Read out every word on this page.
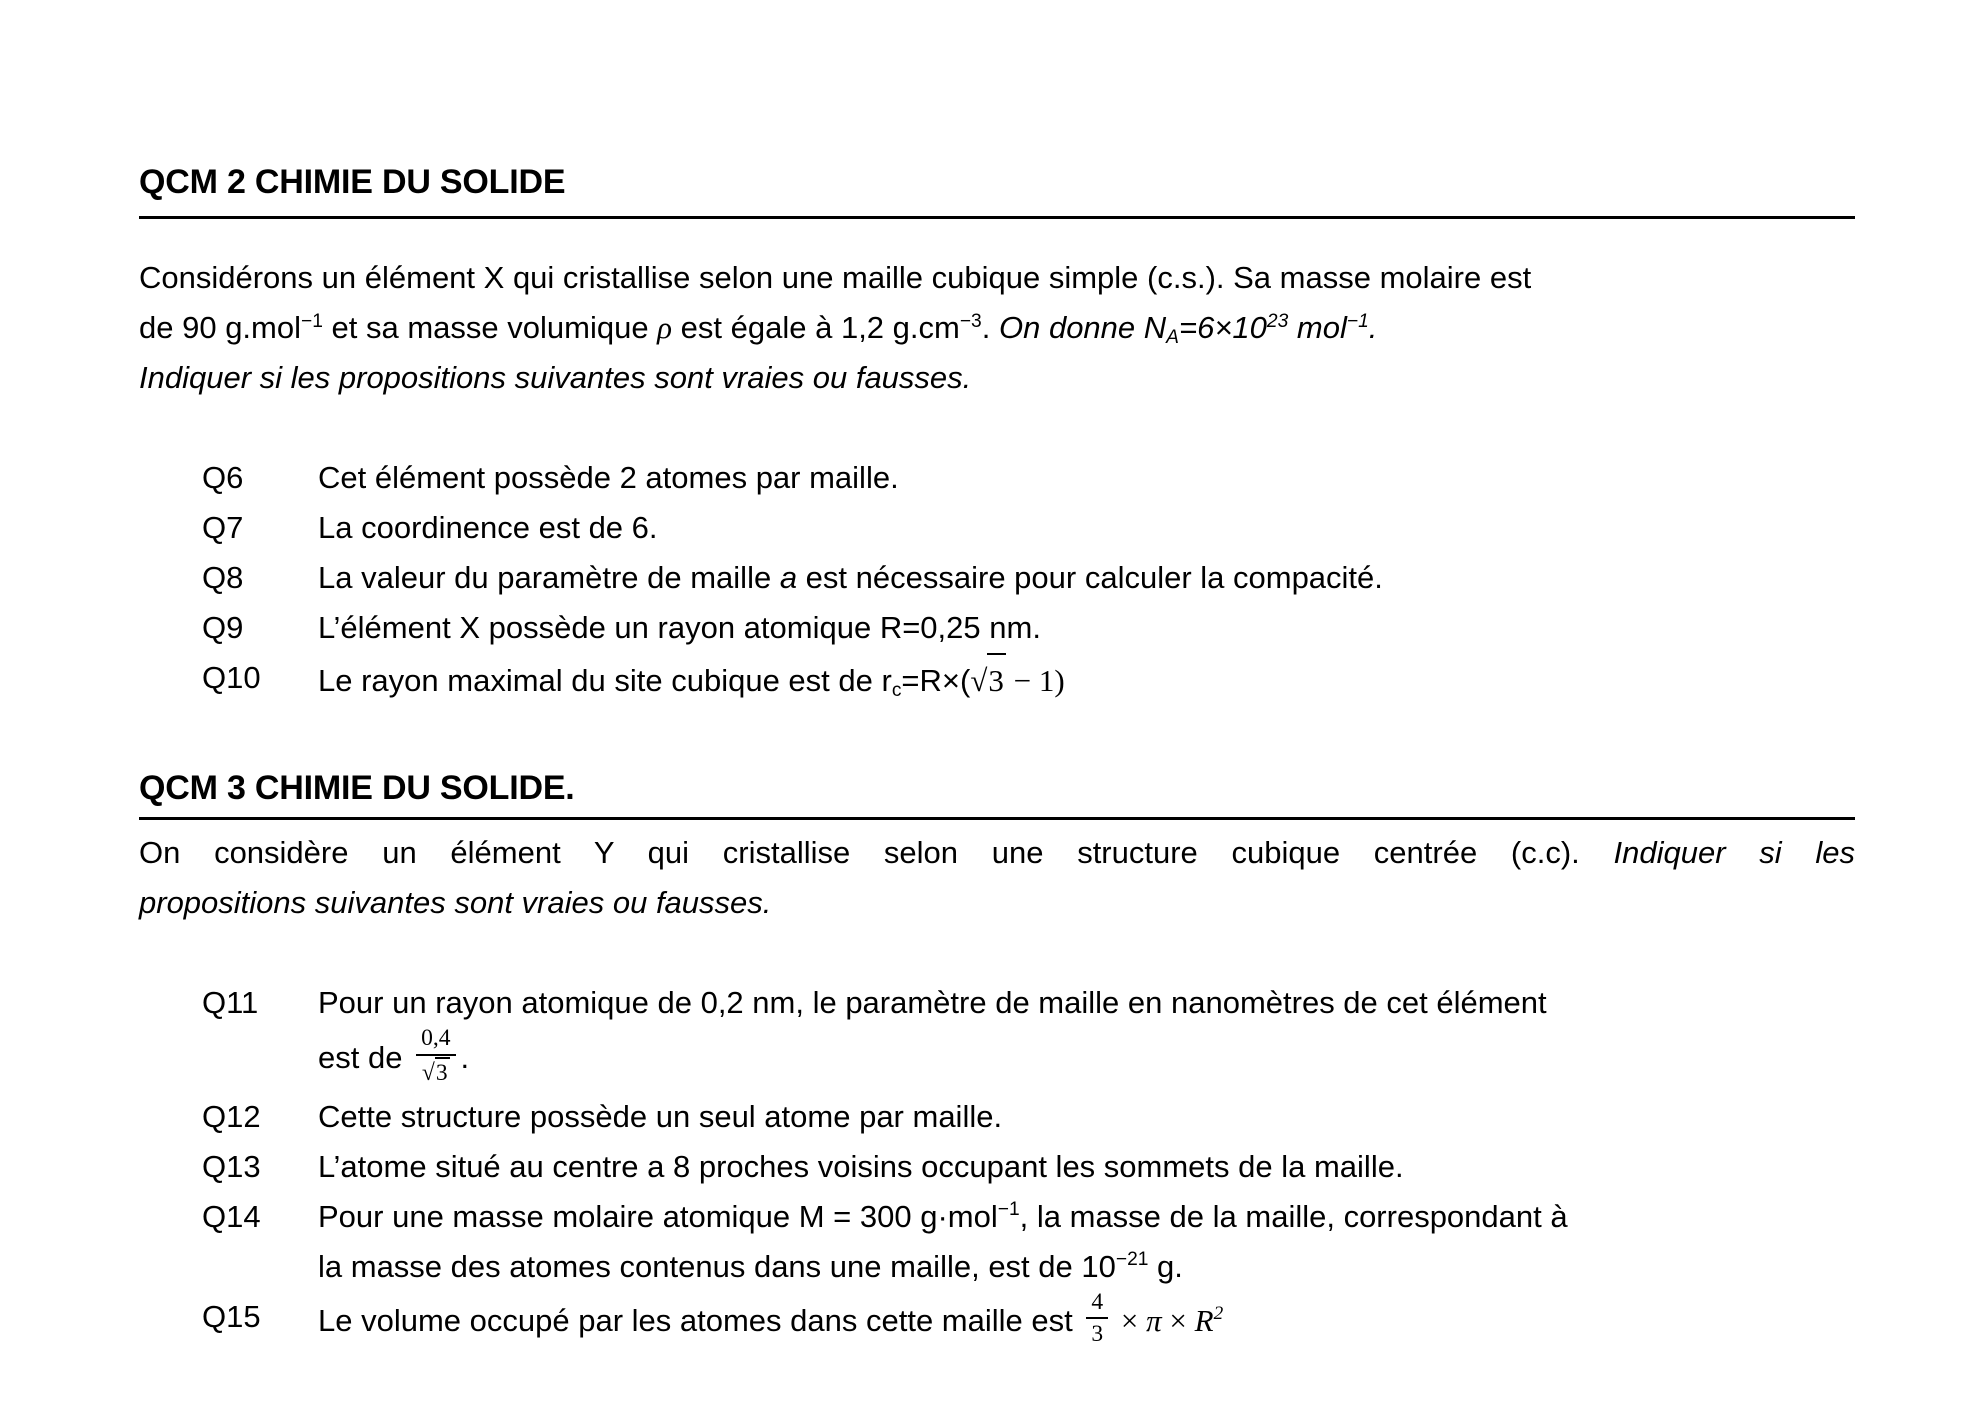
QCM 2 CHIMIE DU SOLIDE
Considérons un élément X qui cristallise selon une maille cubique simple (c.s.). Sa masse molaire est
de 90 g.mol$^{-1}$ et sa masse volumique ρ est égale à 1,2 $g.cm^{-3}$. On donne $NA=6\times 10^{23}$ mol$^{-1}$.
Indiquer si les propositions suivantes sont vraies ou fausses.
Q6	Cet élément possède 2 atomes par maille.
Q7	La coordinence est de 6.
Q8	La valeur du paramètre de maille a est nécessaire pour calculer la compacité.
Q9	L’élément X possède un rayon atomique R=0,25 nm.
Q10	Le rayon maximal du site cubique est de rc=R×(√3 − 1)
QCM 3 CHIMIE DU SOLIDE.
On considère un élément Y qui cristallise selon une structure cubique centrée (c.c). Indiquer si les
propositions suivantes sont vraies ou fausses.
Q11	Pour un rayon atomique de 0,2 nm, le paramètre de maille en nanomètres de cet élément
est de $\frac{0,4}{√3}$ .
Q12	Cette structure possède un seul atome par maille.
Q13	L’atome situé au centre a 8 proches voisins occupant les sommets de la maille.
Q14	Pour une masse molaire atomique M = 300 g·mol$^{-1}$, la masse de la maille, correspondant à
la masse des atomes contenus dans une maille, est de $10^{-21}$ g.
Q15	Le volume occupé par les atomes dans cette maille est $\frac{4}{3} \times \pi \times R^2$
